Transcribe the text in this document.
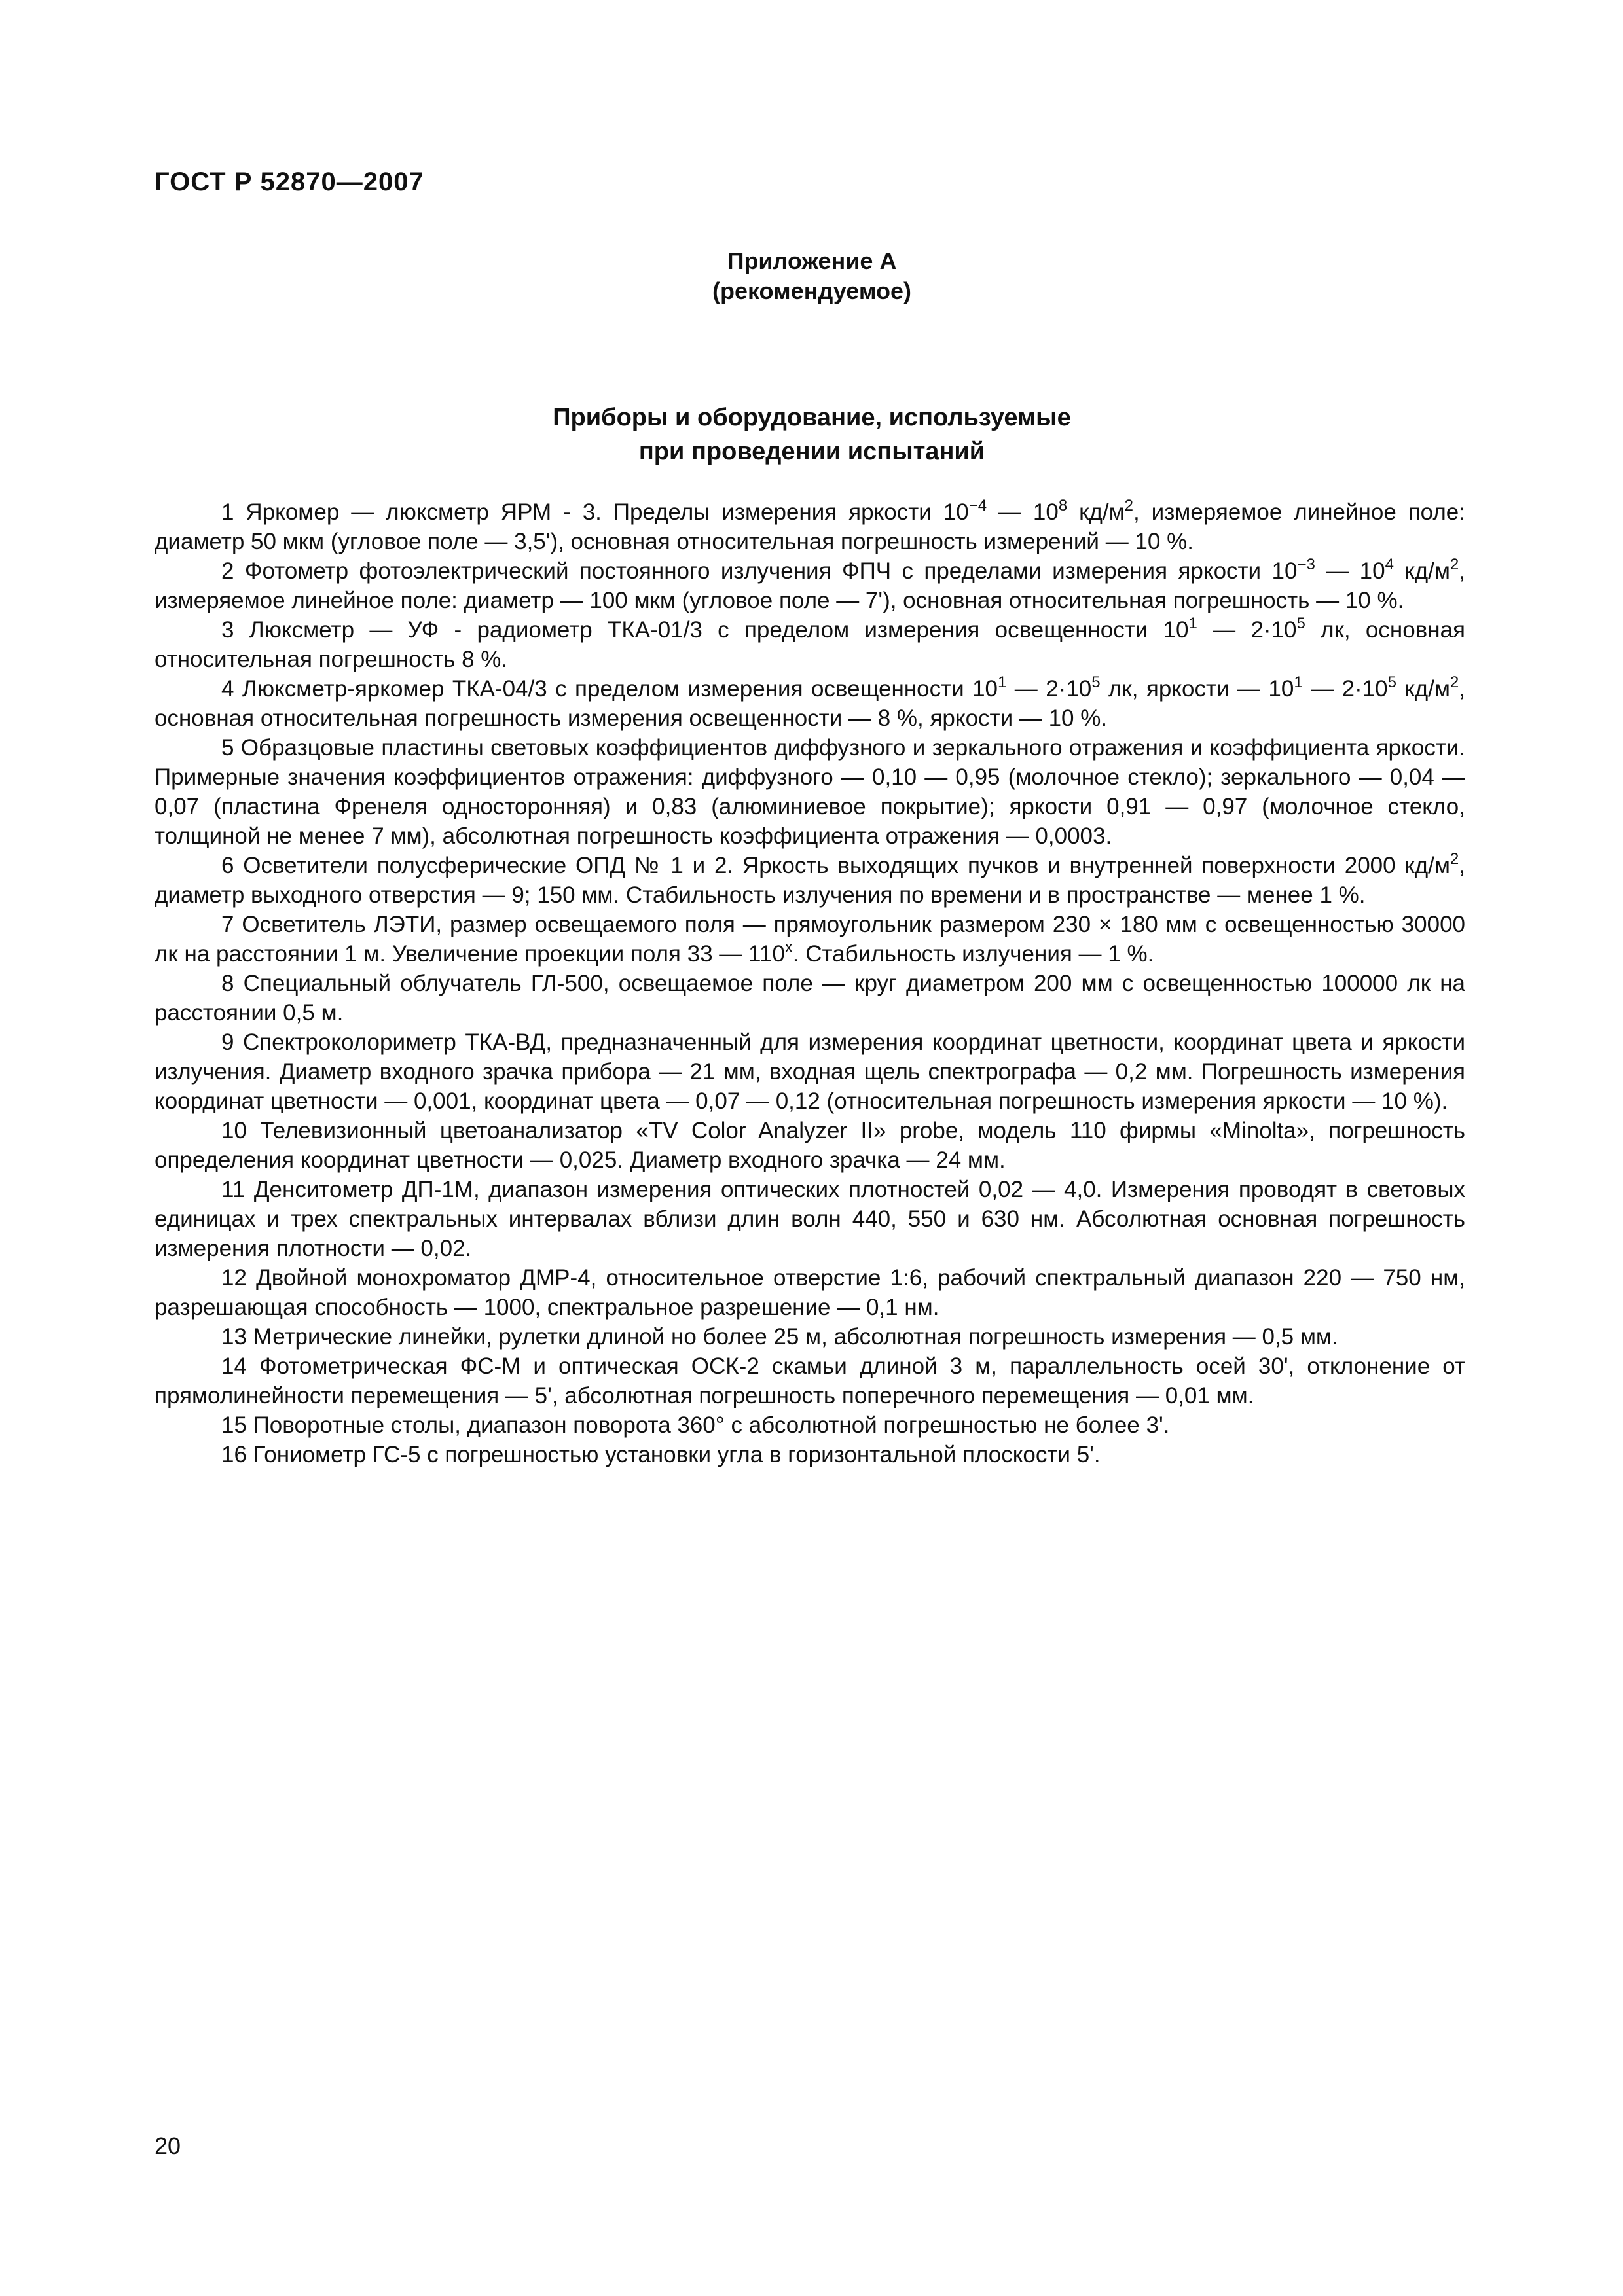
ГОСТ Р 52870—2007
Приложение А
(рекомендуемое)
Приборы и оборудование, используемые
при проведении испытаний

1 Яркомер — люксметр ЯРМ - 3. Пределы измерения яркости $10^{-4}$ — $10^8$ $кд/м^2$, измеряемое линейное поле: диаметр 50 мкм (угловое поле — 3,5'), основная относительная погрешность измерений — 10 %.

2 Фотометр фотоэлектрический постоянного излучения ФПЧ с пределами измерения яркости $10^{-3}$ — $10^4$ $кд/м^2$, измеряемое линейное поле: диаметр — 100 мкм (угловое поле — 7'), основная относительная погрешность — 10 %.

3 Люксметр — УФ - радиометр ТКА-01/3 с пределом измерения освещенности $10^1$ — $2\cdot 10^5$ лк, основная относительная погрешность 8 %.

4 Люксметр-яркомер ТКА-04/3 с пределом измерения освещенности $10^1$ — $2\cdot 10^5$ лк, яркости — $10^1$ — $2\cdot 10^5$ $кд/м^2$, основная относительная погрешность измерения освещенности — 8 %, яркости — 10 %.

5 Образцовые пластины световых коэффициентов диффузного и зеркального отражения и коэффициента яркости. Примерные значения коэффициентов отражения: диффузного — 0,10 — 0,95 (молочное стекло); зеркального — 0,04 — 0,07 (пластина Френеля односторонняя) и 0,83 (алюминиевое покрытие); яркости 0,91 — 0,97 (молочное стекло, толщиной не менее 7 мм), абсолютная погрешность коэффициента отражения — 0,0003.

6 Осветители полусферические ОПД № 1 и 2. Яркость выходящих пучков и внутренней поверхности 2000 $кд/м^2$, диаметр выходного отверстия — 9; 150 мм. Стабильность излучения по времени и в пространстве — менее 1 %.

7 Осветитель ЛЭТИ, размер освещаемого поля — прямоугольник размером 230 × 180 мм с освещенностью 30000 лк на расстоянии 1 м. Увеличение проекции поля 33 — 110$^x$. Стабильность излучения — 1 %.

8 Специальный облучатель ГЛ-500, освещаемое поле — круг диаметром 200 мм с освещенностью 100000 лк на расстоянии 0,5 м.

9 Спектроколориметр ТКА-ВД, предназначенный для измерения координат цветности, координат цвета и яркости излучения. Диаметр входного зрачка прибора — 21 мм, входная щель спектрографа — 0,2 мм. Погрешность измерения координат цветности — 0,001, координат цвета — 0,07 — 0,12 (относительная погрешность измерения яркости — 10 %).

10 Телевизионный цветоанализатор «TV Color Analyzer II» probe, модель 110 фирмы «Minolta», погрешность определения координат цветности — 0,025. Диаметр входного зрачка — 24 мм.

11 Денситометр ДП-1М, диапазон измерения оптических плотностей 0,02 — 4,0. Измерения проводят в световых единицах и трех спектральных интервалах вблизи длин волн 440, 550 и 630 нм. Абсолютная основная погрешность измерения плотности — 0,02.

12 Двойной монохроматор ДМР-4, относительное отверстие 1:6, рабочий спектральный диапазон 220 — 750 нм, разрешающая способность — 1000, спектральное разрешение — 0,1 нм.

13 Метрические линейки, рулетки длиной но более 25 м, абсолютная погрешность измерения — 0,5 мм.

14 Фотометрическая ФС-М и оптическая ОСК-2 скамьи длиной 3 м, параллельность осей 30', отклонение от прямолинейности перемещения — 5', абсолютная погрешность поперечного перемещения — 0,01 мм.

15 Поворотные столы, диапазон поворота 360° с абсолютной погрешностью не более 3'.

16 Гониометр ГС-5 с погрешностью установки угла в горизонтальной плоскости 5'.

20
